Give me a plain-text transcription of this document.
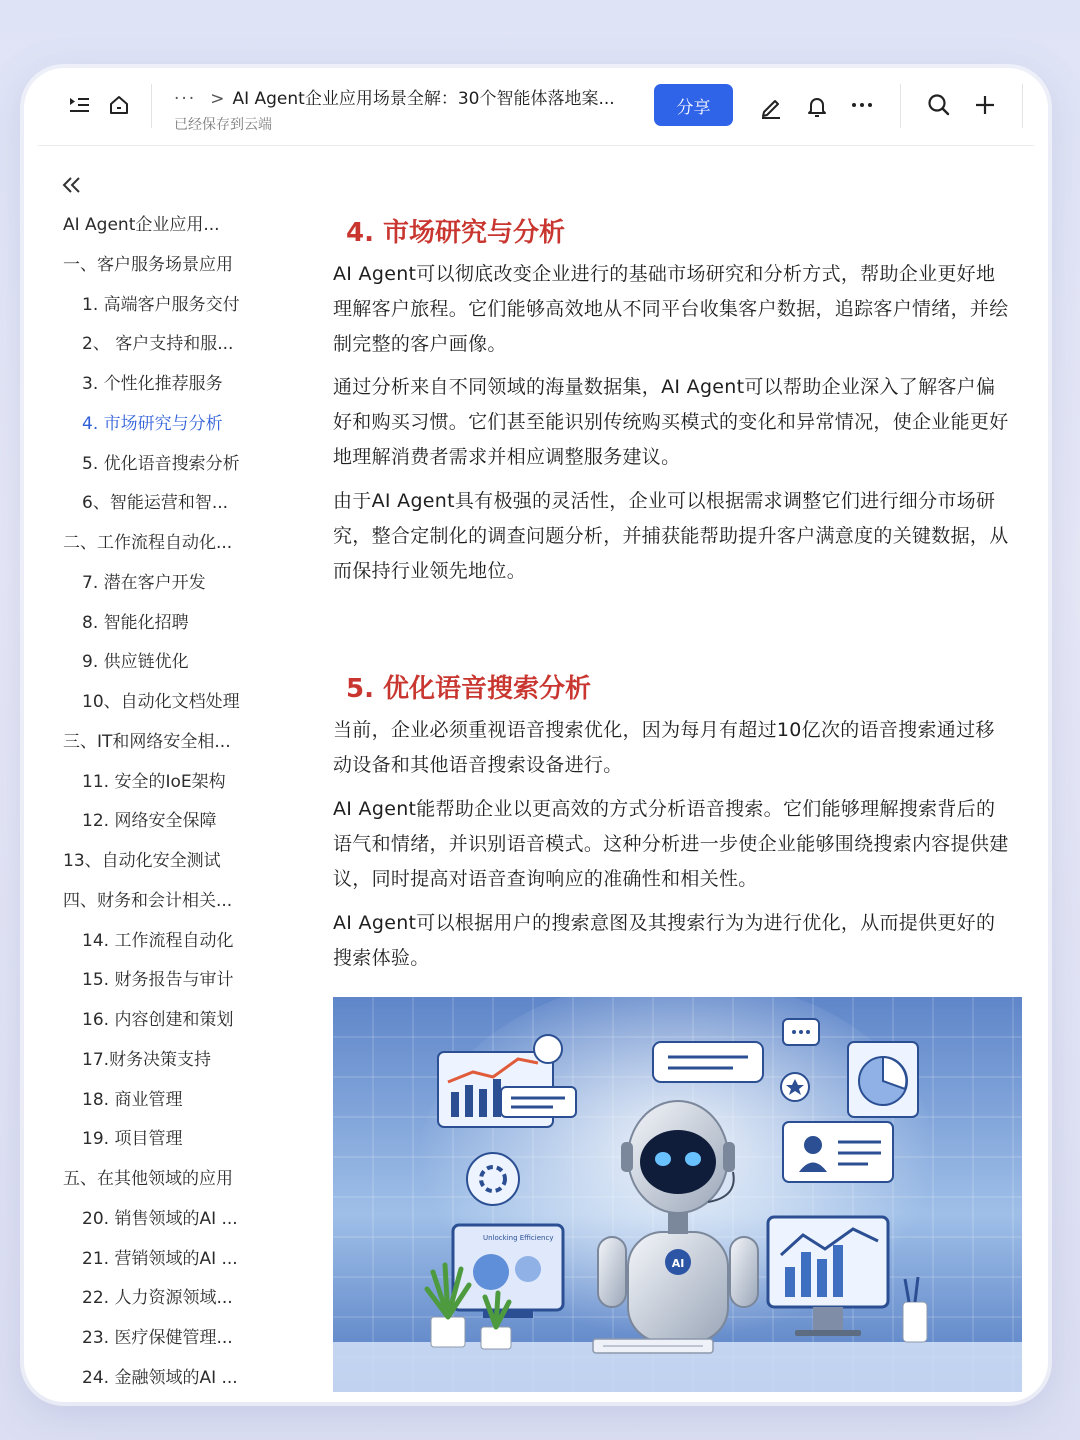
··· > AI Agent企业应用场景全解：30个智能体落地案...
已经保存到云端
分享
AI Agent企业应用...
一、客户服务场景应用
1. 高端客户服务交付
2、 客户支持和服...
3. 个性化推荐服务
4. 市场研究与分析
5. 优化语音搜索分析
6、智能运营和智...
二、工作流程自动化...
7. 潜在客户开发
8. 智能化招聘
9. 供应链优化
10、自动化文档处理
三、IT和网络安全相...
11. 安全的IoE架构
12. 网络安全保障
13、自动化安全测试
四、财务和会计相关...
14. 工作流程自动化
15. 财务报告与审计
16. 内容创建和策划
17.财务决策支持
18. 商业管理
19. 项目管理
五、在其他领域的应用
20. 销售领域的AI ...
21. 营销领域的AI ...
22. 人力资源领域...
23. 医疗保健管理...
24. 金融领域的AI ...
4. 市场研究与分析

AI Agent可以彻底改变企业进行的基础市场研究和分析方式，帮助企业更好地理解客户旅程。它们能够高效地从不同平台收集客户数据，追踪客户情绪，并绘制完整的客户画像。

通过分析来自不同领域的海量数据集，AI Agent可以帮助企业深入了解客户偏好和购买习惯。它们甚至能识别传统购买模式的变化和异常情况，使企业能更好地理解消费者需求并相应调整服务建议。

由于AI Agent具有极强的灵活性，企业可以根据需求调整它们进行细分市场研究，整合定制化的调查问题分析，并捕获能帮助提升客户满意度的关键数据，从而保持行业领先地位。

5. 优化语音搜索分析

当前，企业必须重视语音搜索优化，因为每月有超过10亿次的语音搜索通过移动设备和其他语音搜索设备进行。

AI Agent能帮助企业以更高效的方式分析语音搜索。它们能够理解搜索背后的语气和情绪，并识别语音模式。这种分析进一步使企业能够围绕搜索内容提供建议，同时提高对语音查询响应的准确性和相关性。

AI Agent可以根据用户的搜索意图及其搜索行为为进行优化，从而提供更好的搜索体验。

Unlocking Efficiency
AI
